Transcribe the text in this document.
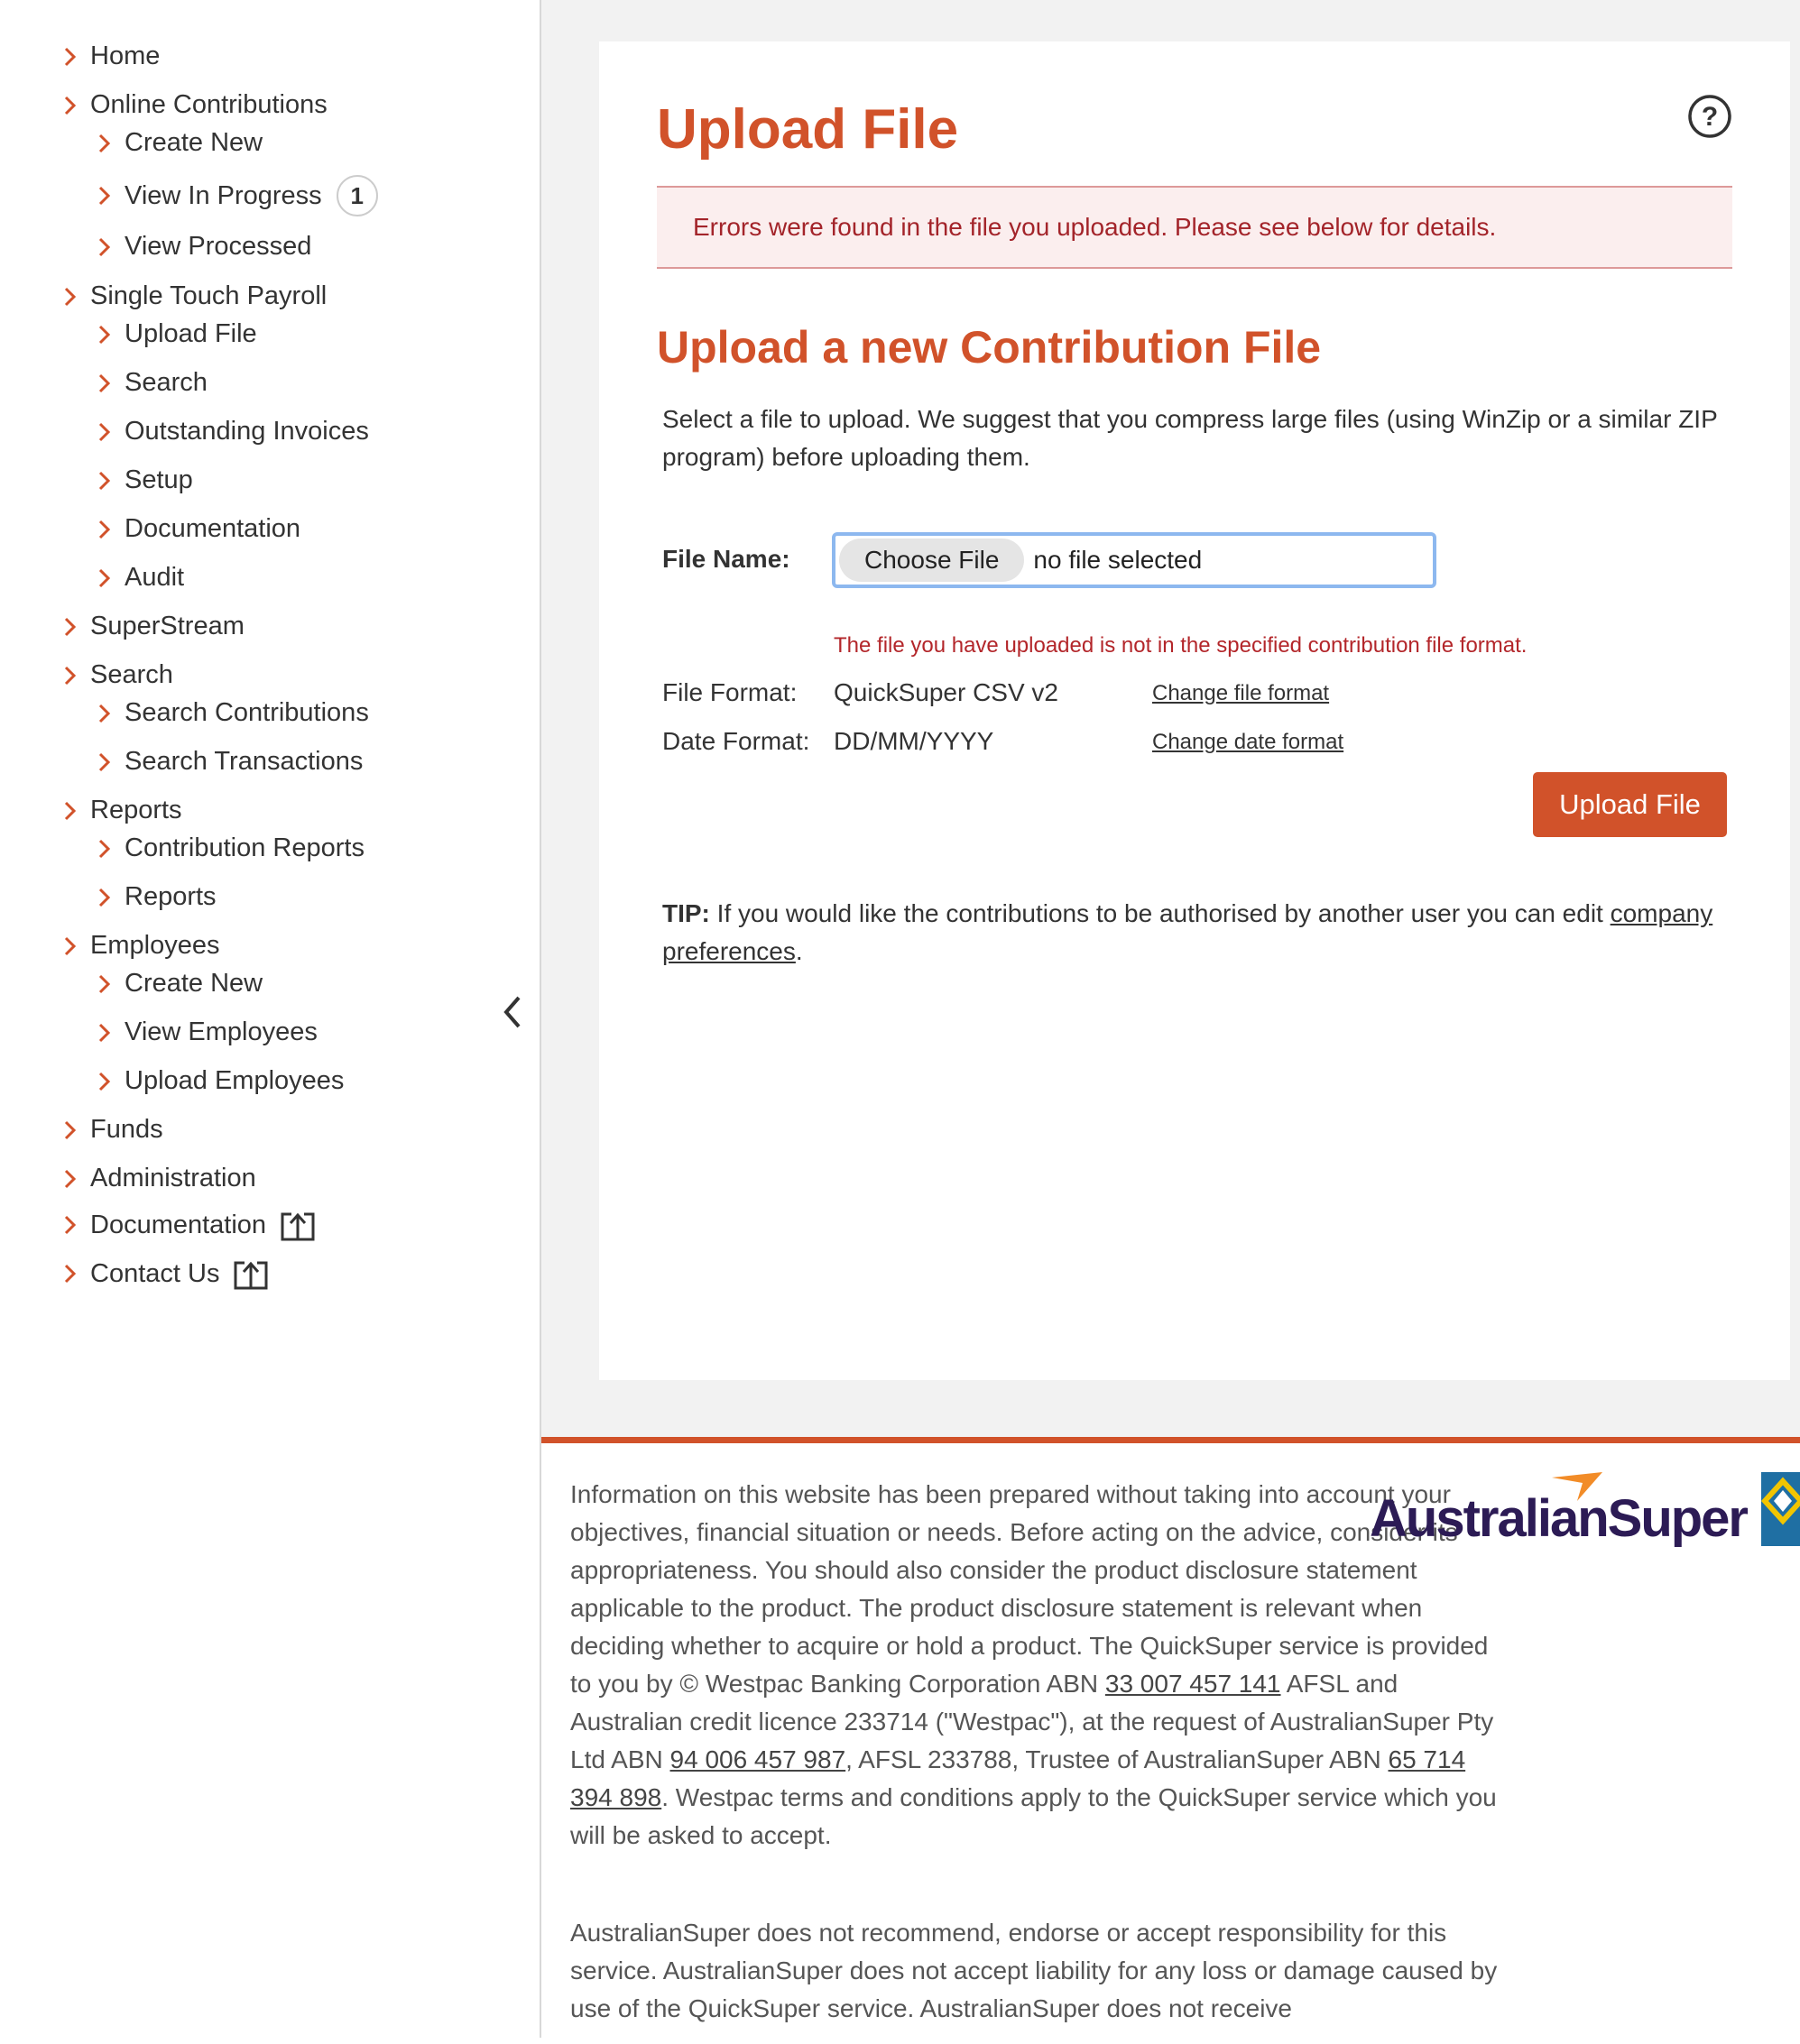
Home
Online Contributions
Create New
View In Progress	1
View Processed
Single Touch Payroll
Upload File
Search
Outstanding Invoices
Setup
Documentation
Audit
SuperStream
Search
Search Contributions
Search Transactions
Reports
Contribution Reports
Reports
Employees
Create New
View Employees
Upload Employees
Funds
Administration
Documentation
Contact Us
Upload File	?
Errors were found in the file you uploaded. Please see below for details.
Upload a new Contribution File

Select a file to upload. We suggest that you compress large files (using WinZip or a similar ZIP program) before uploading them.

File Name:	Choose File	no file selected
The file you have uploaded is not in the specified contribution file format.
File Format: QuickSuper CSV v2	Change file format
Date Format: DD/MM/YYYY	Change date format
Upload File

TIP: If you would like the contributions to be authorised by another user you can edit company preferences.

Information on this website has been prepared without taking into account your objectives, financial situation or needs. Before acting on the advice, consider its appropriateness. You should also consider the product disclosure statement applicable to the product. The product disclosure statement is relevant when deciding whether to acquire or hold a product. The QuickSuper service is provided to you by © Westpac Banking Corporation ABN 33 007 457 141 AFSL and Australian credit licence 233714 ("Westpac"), at the request of AustralianSuper Pty Ltd ABN 94 006 457 987, AFSL 233788, Trustee of AustralianSuper ABN 65 714 394 898. Westpac terms and conditions apply to the QuickSuper service which you will be asked to accept.

AustralianSuper does not recommend, endorse or accept responsibility for this service. AustralianSuper does not accept liability for any loss or damage caused by use of the QuickSuper service. AustralianSuper does not receive

AustralianSuper
